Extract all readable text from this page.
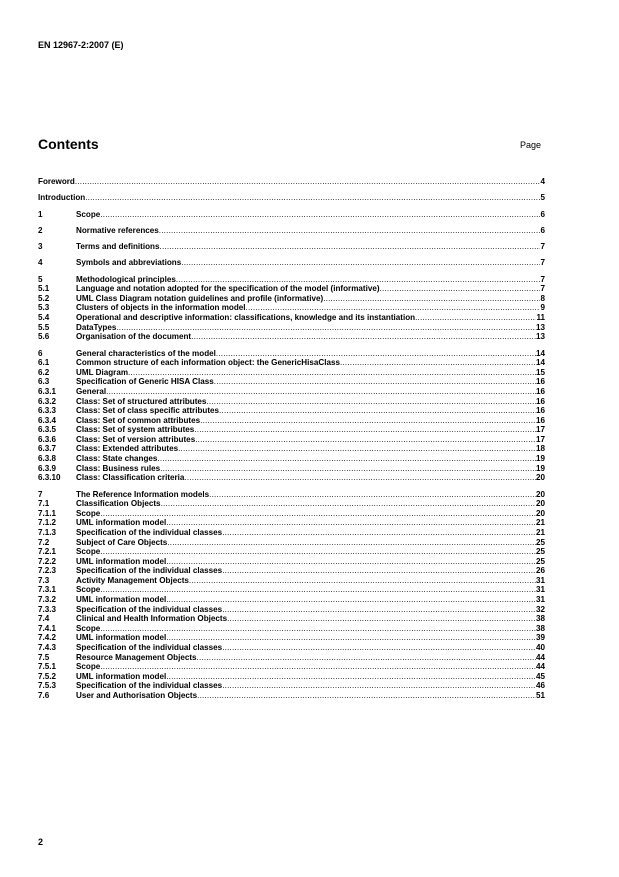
EN 12967-2:2007 (E)
Contents	Page
Foreword .....	4
Introduction .....	5
1	Scope .....	6
2	Normative references .....	6
3	Terms and definitions .....	7
4	Symbols and abbreviations .....	7
5	Methodological principles .....	7
5.1	Language and notation adopted for the specification of the model (informative) .....	7
5.2	UML Class Diagram notation guidelines and profile (informative) .....	8
5.3	Clusters of objects in the information model .....	9
5.4	Operational and descriptive information: classifications, knowledge and its instantiation .....	11
5.5	DataTypes .....	13
5.6	Organisation of the document .....	13
6	General characteristics of the model .....	14
6.1	Common structure of each information object: the GenericHisaClass .....	14
6.2	UML Diagram .....	15
6.3	Specification of Generic HISA Class .....	16
6.3.1	General .....	16
6.3.2	Class: Set of structured attributes .....	16
6.3.3	Class: Set of class specific attributes .....	16
6.3.4	Class: Set of common attributes .....	16
6.3.5	Class: Set of system attributes .....	17
6.3.6	Class: Set of version attributes .....	17
6.3.7	Class: Extended attributes .....	18
6.3.8	Class: State changes .....	19
6.3.9	Class: Business rules .....	19
6.3.10	Class: Classification criteria .....	20
7	The Reference Information models .....	20
7.1	Classification Objects .....	20
7.1.1	Scope .....	20
7.1.2	UML information model .....	21
7.1.3	Specification of the individual classes .....	21
7.2	Subject of Care Objects .....	25
7.2.1	Scope .....	25
7.2.2	UML information model .....	25
7.2.3	Specification of the individual classes .....	26
7.3	Activity Management Objects .....	31
7.3.1	Scope .....	31
7.3.2	UML information model .....	31
7.3.3	Specification of the individual classes .....	32
7.4	Clinical and Health Information Objects .....	38
7.4.1	Scope .....	38
7.4.2	UML information model .....	39
7.4.3	Specification of the individual classes .....	40
7.5	Resource Management Objects .....	44
7.5.1	Scope .....	44
7.5.2	UML information model .....	45
7.5.3	Specification of the individual classes .....	46
7.6	User and Authorisation Objects .....	51
2
